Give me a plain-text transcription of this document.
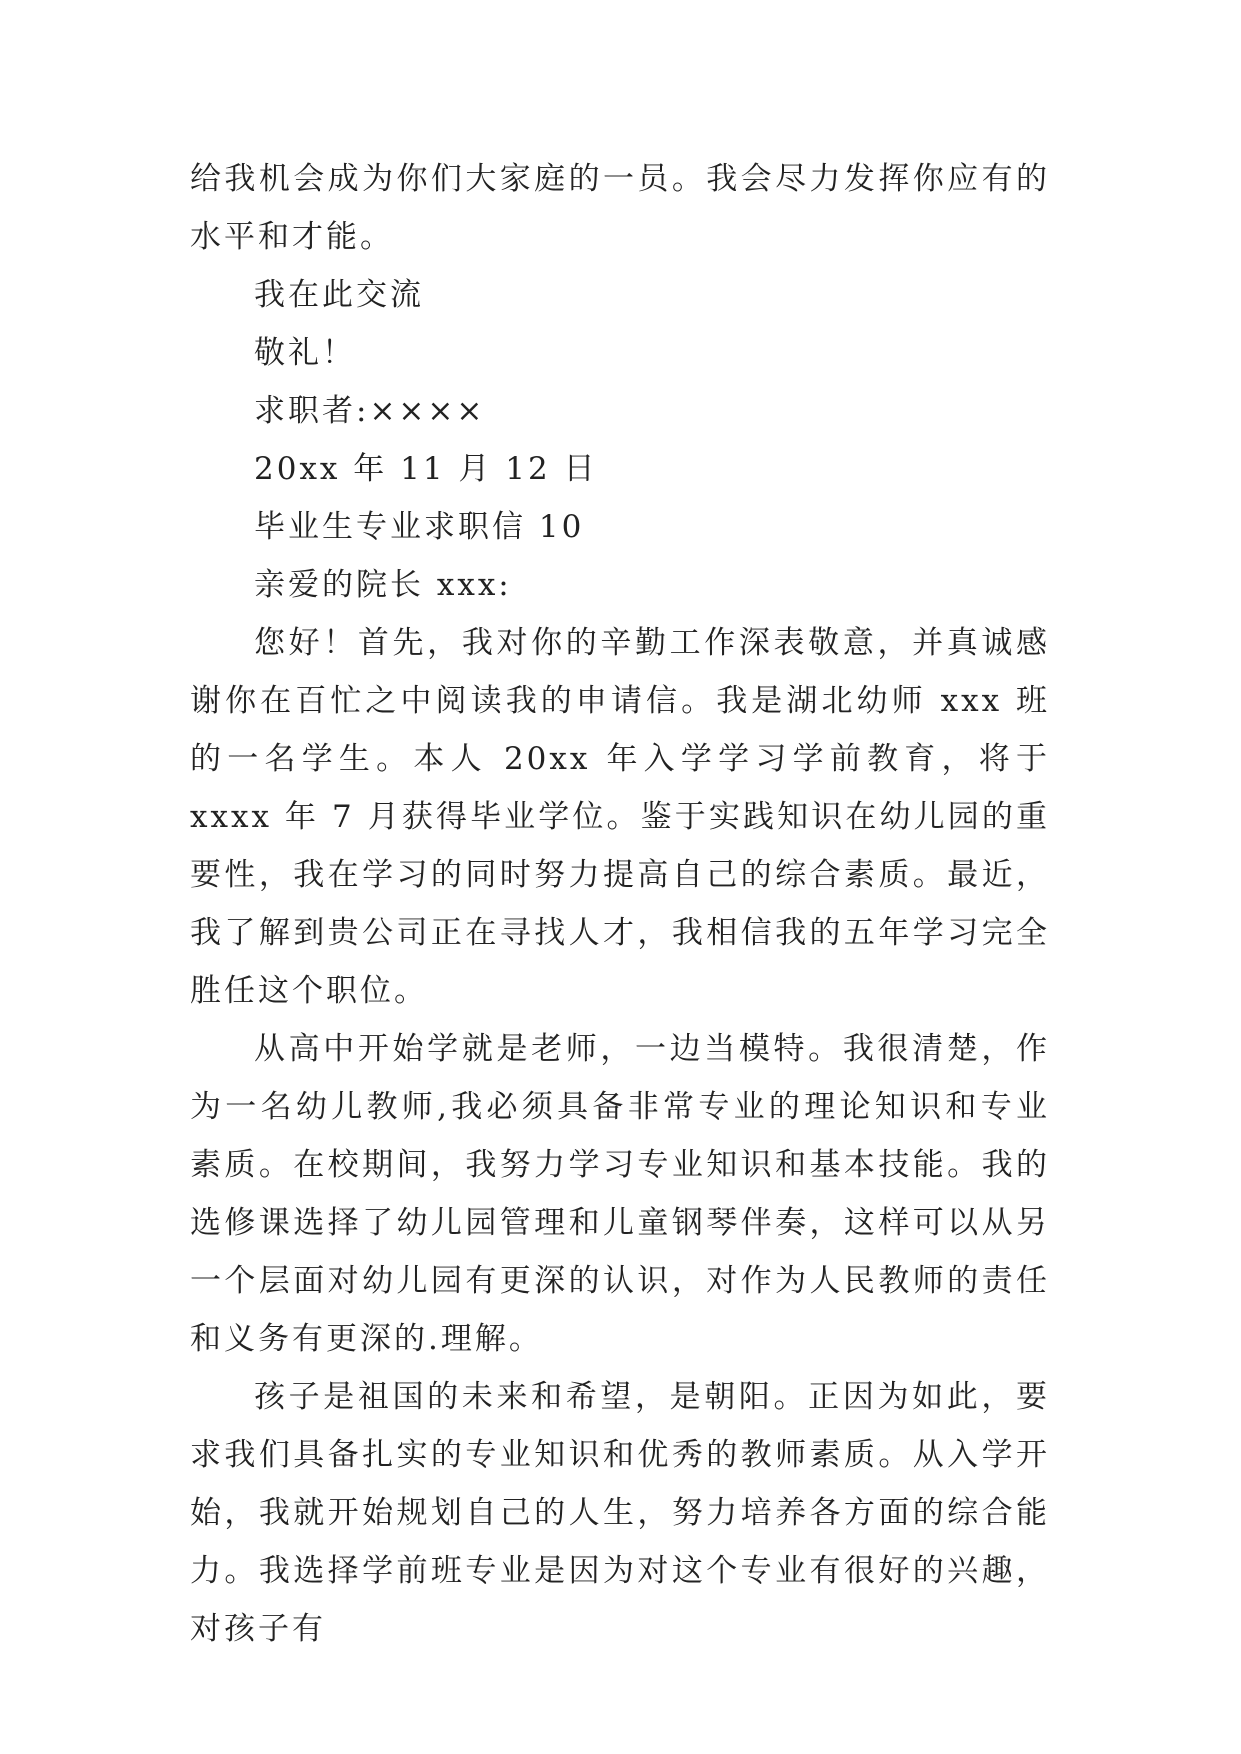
给我机会成为你们大家庭的一员。我会尽力发挥你应有的水平和才能。

我在此交流

敬礼！

求职者:××××

20xx 年 11 月 12 日

毕业生专业求职信 10

亲爱的院长 xxx:

您好！首先，我对你的辛勤工作深表敬意，并真诚感谢你在百忙之中阅读我的申请信。我是湖北幼师 xxx 班的一名学生。本人 20xx 年入学学习学前教育，将于 xxxx 年 7 月获得毕业学位。鉴于实践知识在幼儿园的重要性，我在学习的同时努力提高自己的综合素质。最近，我了解到贵公司正在寻找人才，我相信我的五年学习完全胜任这个职位。

从高中开始学就是老师，一边当模特。我很清楚，作为一名幼儿教师,我必须具备非常专业的理论知识和专业素质。在校期间，我努力学习专业知识和基本技能。我的选修课选择了幼儿园管理和儿童钢琴伴奏，这样可以从另一个层面对幼儿园有更深的认识，对作为人民教师的责任和义务有更深的.理解。

孩子是祖国的未来和希望，是朝阳。正因为如此，要求我们具备扎实的专业知识和优秀的教师素质。从入学开始，我就开始规划自己的人生，努力培养各方面的综合能力。我选择学前班专业是因为对这个专业有很好的兴趣，对孩子有
